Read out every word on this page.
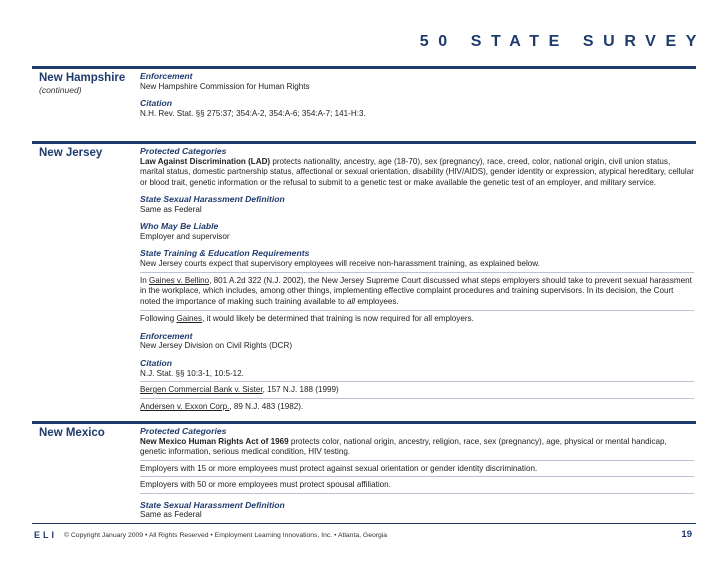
50 STATE SURVEY
New Hampshire
(continued)
Enforcement
New Hampshire Commission for Human Rights
Citation
N.H. Rev. Stat. §§ 275:37; 354:A-2, 354:A-6; 354:A-7; 141-H:3.
New Jersey	Protected Categories
Law Against Discrimination (LAD) protects nationality, ancestry, age (18-70), sex (pregnancy), race, creed, color, national origin, civil union status, marital status, domestic partnership status, affectional or sexual orientation, disability (HIV/AIDS), gender identity or expression, atypical hereditary, cellular or blood trait, genetic information or the refusal to submit to a genetic test or make available the genetic test of an employer, and military service.
State Sexual Harassment Definition
Same as Federal
Who May Be Liable
Employer and supervisor
State Training & Education Requirements
New Jersey courts expect that supervisory employees will receive non-harassment training, as explained below.
In Gaines v. Bellino, 801 A.2d 322 (N.J. 2002), the New Jersey Supreme Court discussed what steps employers should take to prevent sexual harassment in the workplace, which includes, among other things, implementing effective complaint procedures and training supervisors. In its decision, the Court noted the importance of making such training available to all employees.
Following Gaines, it would likely be determined that training is now required for all employers.
Enforcement
New Jersey Division on Civil Rights (DCR)
Citation
N.J. Stat. §§ 10:3-1, 10:5-12.
Bergen Commercial Bank v. Sister, 157 N.J. 188 (1999)
Andersen v. Exxon Corp., 89 N.J. 483 (1982).
New Mexico	Protected Categories
New Mexico Human Rights Act of 1969 protects color, national origin, ancestry, religion, race, sex (pregnancy), age, physical or mental handicap, genetic information, serious medical condition, HIV testing.
Employers with 15 or more employees must protect against sexual orientation or gender identity discrimination.
Employers with 50 or more employees must protect spousal affiliation.
State Sexual Harassment Definition
Same as Federal
ELI © Copyright January 2009 • All Rights Reserved • Employment Learning Innovations, Inc. • Atlanta, Georgia	19
